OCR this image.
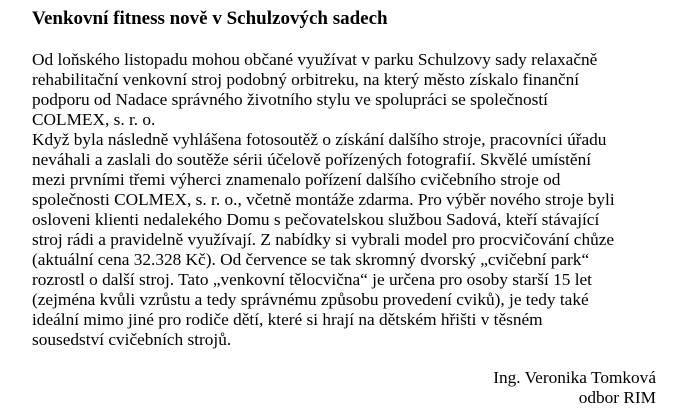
Venkovní fitness nově v Schulzových sadech
Od loňského listopadu mohou občané využívat v parku Schulzovy sady relaxačně
rehabilitační venkovní stroj podobný orbitreku, na který město získalo finanční
podporu od Nadace správného životního stylu ve spolupráci se společností
COLMEX, s. r. o.
Když byla následně vyhlášena fotosoutěž o získání dalšího stroje, pracovníci úřadu
neváhali a zaslali do soutěže sérii účelově pořízených fotografií. Skvělé umístění
mezi prvními třemi výherci znamenalo pořízení dalšího cvičebního stroje od
společnosti COLMEX, s. r. o., včetně montáže zdarma. Pro výběr nového stroje byli
osloveni klienti nedalekého Domu s pečovatelskou službou Sadová, kteří stávající
stroj rádi a pravidelně využívají. Z nabídky si vybrali model pro procvičování chůze
(aktuální cena 32.328 Kč). Od července se tak skromný dvorský „cvičební park“
rozrostl o další stroj. Tato „venkovní tělocvična“ je určena pro osoby starší 15 let
(zejména kvůli vzrůstu a tedy správnému způsobu provedení cviků), je tedy také
ideální mimo jiné pro rodiče dětí, které si hrají na dětském hřišti v těsném
sousedství cvičebních strojů.
Ing. Veronika Tomková
odbor RIM
